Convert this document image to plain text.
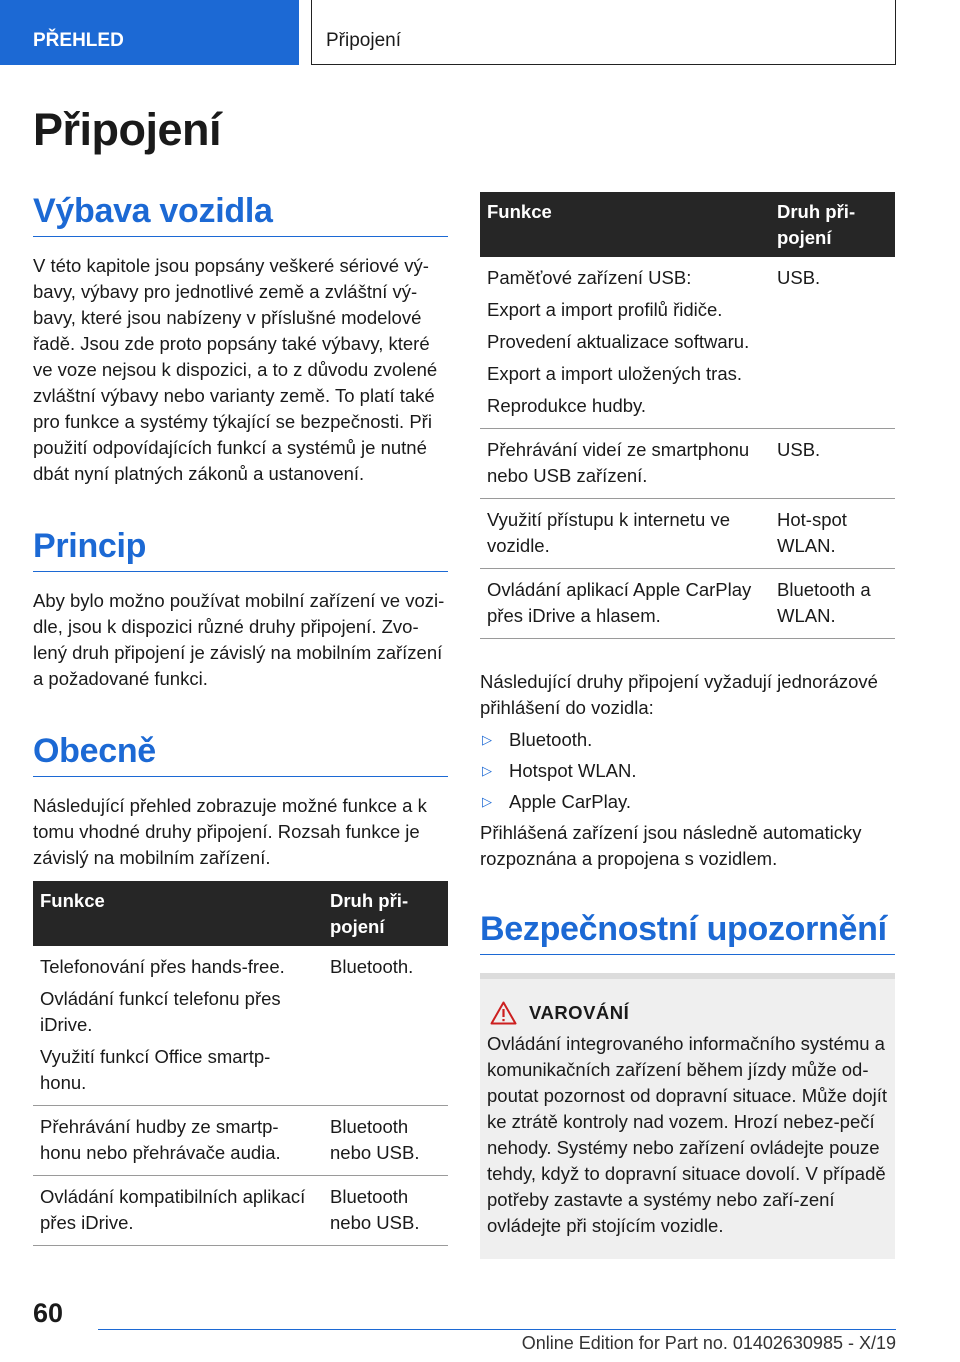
PŘEHLED	Připojení
Připojení
Výbava vozidla

V této kapitole jsou popsány veškeré sériové vý-bavy, výbavy pro jednotlivé země a zvláštní vý-bavy, které jsou nabízeny v příslušné modelové řadě. Jsou zde proto popsány také výbavy, které ve voze nejsou k dispozici, a to z důvodu zvolené zvláštní výbavy nebo varianty země. To platí také pro funkce a systémy týkající se bezpečnosti. Při použití odpovídajících funkcí a systémů je nutné dbát nyní platných zákonů a ustanovení.

Princip

Aby bylo možno používat mobilní zařízení ve vozi-dle, jsou k dispozici různé druhy připojení. Zvo-lený druh připojení je závislý na mobilním zařízení a požadované funkci.

Obecně

Následující přehled zobrazuje možné funkce a k tomu vhodné druhy připojení. Rozsah funkce je závislý na mobilním zařízení.

Funkce	Druh při-pojení

Telefonování přes hands-free.

Ovládání funkcí telefonu přes iDrive.

Využití funkcí Office smartp-honu.	Bluetooth.

Přehrávání hudby ze smartp-honu nebo přehrávače audia.	Bluetooth nebo USB.

Ovládání kompatibilních aplikací přes iDrive.	Bluetooth nebo USB.
Funkce	Druh při-pojení

Paměťové zařízení USB:

Export a import profilů řidiče.

Provedení aktualizace softwaru.

Export a import uložených tras.

Reprodukce hudby.	USB.

Přehrávání videí ze smartphonu nebo USB zařízení.	USB.

Využití přístupu k internetu ve vozidle.	Hot-spot WLAN.

Ovládání aplikací Apple CarPlay přes iDrive a hlasem.	Bluetooth a WLAN.

Následující druhy připojení vyžadují jednorázové přihlášení do vozidla:

▷ Bluetooth.
▷ Hotspot WLAN.
▷ Apple CarPlay.

Přihlášená zařízení jsou následně automaticky rozpoznána a propojena s vozidlem.

Bezpečnostní upozornění
VAROVÁNÍ

Ovládání integrovaného informačního systému a komunikačních zařízení během jízdy může od-poutat pozornost od dopravní situace. Může dojít ke ztrátě kontroly nad vozem. Hrozí nebez-pečí nehody. Systémy nebo zařízení ovládejte pouze tehdy, když to dopravní situace dovolí. V případě potřeby zastavte a systémy nebo zaří-zení ovládejte při stojícím vozidle.

60
Online Edition for Part no. 01402630985 - X/19
